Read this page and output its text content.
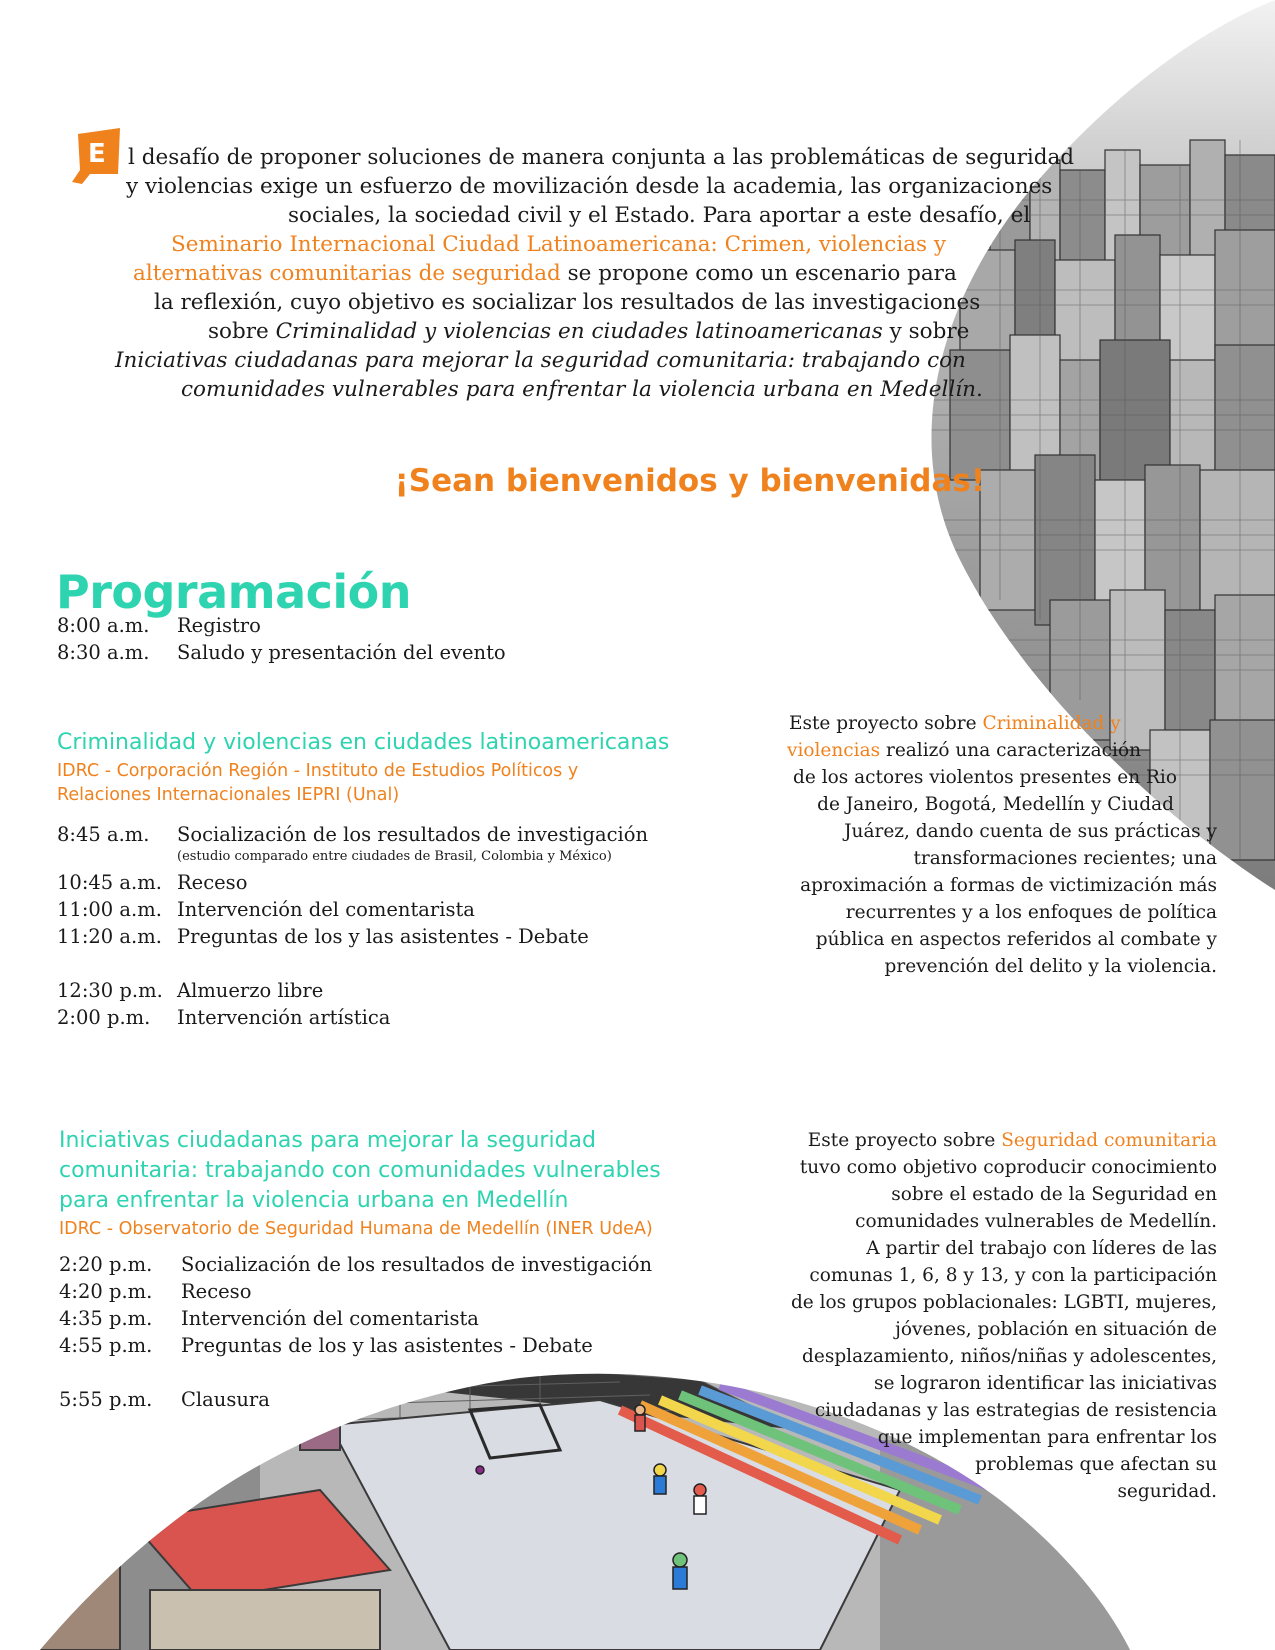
E l desafío de proponer soluciones de manera conjunta a las problemáticas de seguridad
y violencias exige un esfuerzo de movilización desde la academia, las organizaciones
sociales, la sociedad civil y el Estado. Para aportar a este desafío, el
Seminario Internacional Ciudad Latinoamericana: Crimen, violencias y
alternativas comunitarias de seguridad se propone como un escenario para
la reflexión, cuyo objetivo es socializar los resultados de las investigaciones
sobre Criminalidad y violencias en ciudades latinoamericanas y sobre
Iniciativas ciudadanas para mejorar la seguridad comunitaria: trabajando con
comunidades vulnerables para enfrentar la violencia urbana en Medellín.
¡Sean bienvenidos y bienvenidas!
Programación
8:00 a.m. Registro
8:30 a.m. Saludo y presentación del evento
Criminalidad y violencias en ciudades latinoamericanas
IDRC - Corporación Región - Instituto de Estudios Políticos y
Relaciones Internacionales IEPRI (Unal)
8:45 a.m. Socialización de los resultados de investigación
(estudio comparado entre ciudades de Brasil, Colombia y México)
10:45 a.m. Receso
11:00 a.m. Intervención del comentarista
11:20 a.m. Preguntas de los y las asistentes - Debate
12:30 p.m. Almuerzo libre
2:00 p.m. Intervención artística
Iniciativas ciudadanas para mejorar la seguridad
comunitaria: trabajando con comunidades vulnerables
para enfrentar la violencia urbana en Medellín
IDRC - Observatorio de Seguridad Humana de Medellín (INER UdeA)
2:20 p.m. Socialización de los resultados de investigación
4:20 p.m. Receso
4:35 p.m. Intervención del comentarista
4:55 p.m. Preguntas de los y las asistentes - Debate
5:55 p.m. Clausura
Este proyecto sobre Criminalidad y
violencias realizó una caracterización
de los actores violentos presentes en Rio
de Janeiro, Bogotá, Medellín y Ciudad
Juárez, dando cuenta de sus prácticas y
transformaciones recientes; una
aproximación a formas de victimización más
recurrentes y a los enfoques de política
pública en aspectos referidos al combate y
prevención del delito y la violencia.
Este proyecto sobre Seguridad comunitaria
tuvo como objetivo coproducir conocimiento
sobre el estado de la Seguridad en
comunidades vulnerables de Medellín.
A partir del trabajo con líderes de las
comunas 1, 6, 8 y 13, y con la participación
de los grupos poblacionales: LGBTI, mujeres,
jóvenes, población en situación de
desplazamiento, niños/niñas y adolescentes,
se lograron identificar las iniciativas
ciudadanas y las estrategias de resistencia
que implementan para enfrentar los
problemas que afectan su
seguridad.
